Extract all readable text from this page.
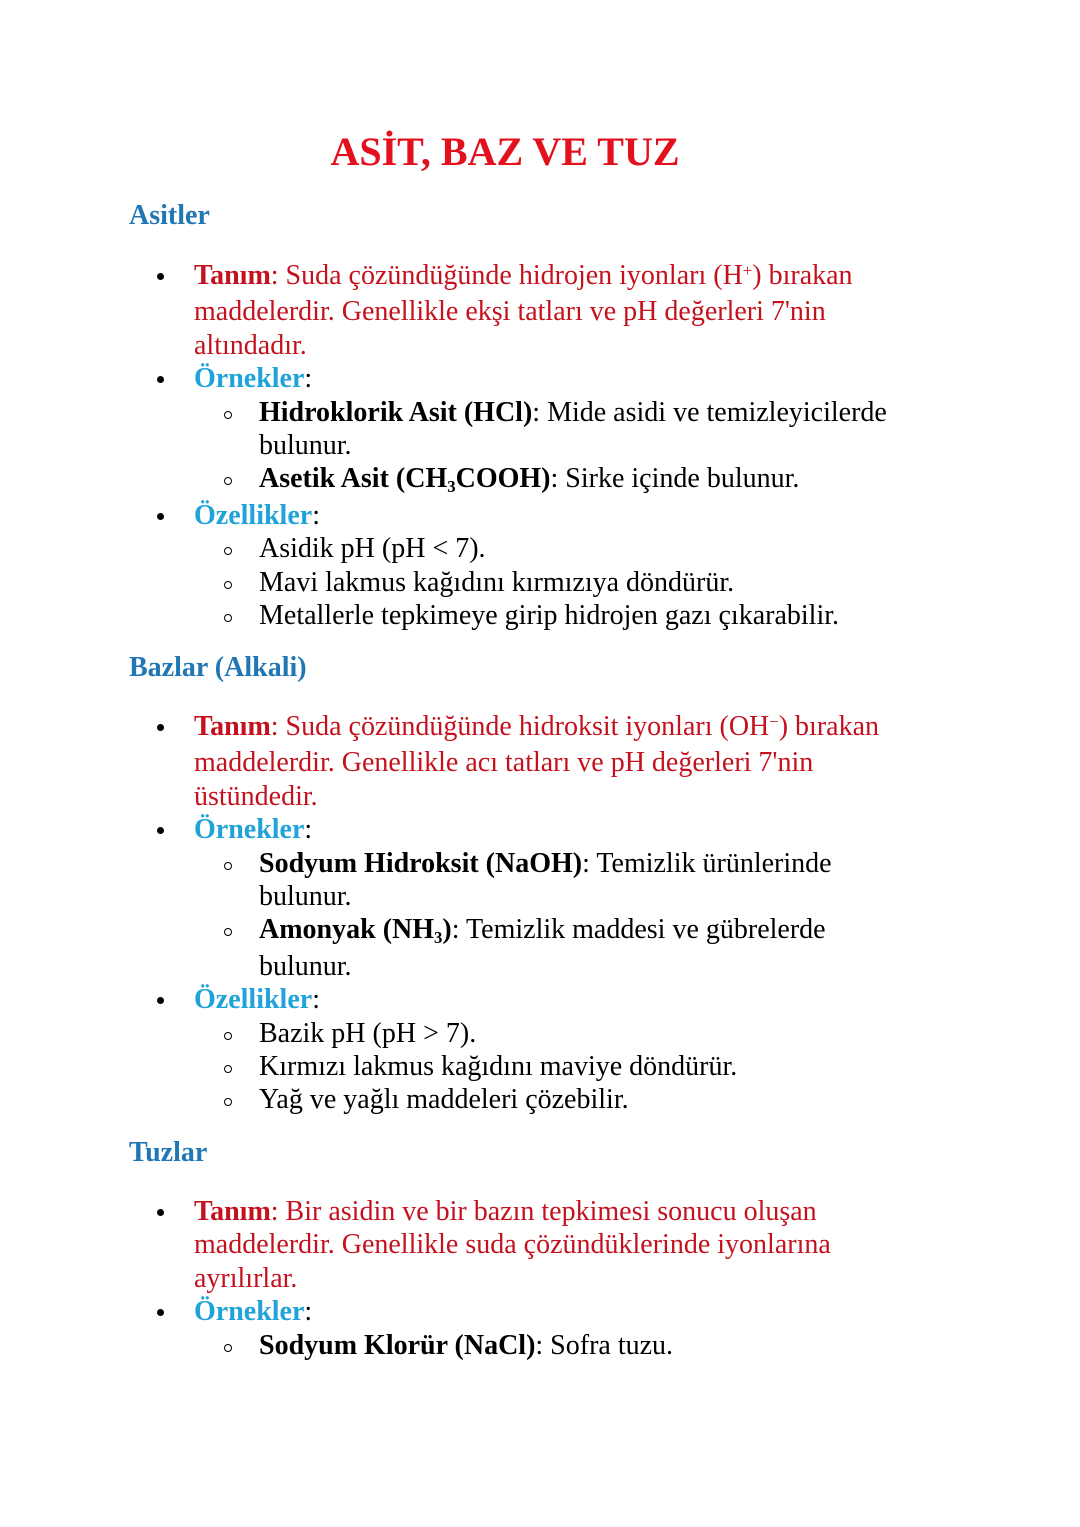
ASİT, BAZ VE TUZ
Asitler
Tanım: Suda çözündüğünde hidrojen iyonları (H+) bırakan maddelerdir. Genellikle ekşi tatları ve pH değerleri 7'nin altındadır.
Örnekler:
Hidroklorik Asit (HCl): Mide asidi ve temizleyicilerde bulunur.
Asetik Asit $(CH_3COOH)$: Sirke içinde bulunur.
Özellikler:
Asidik pH (pH < 7).
Mavi lakmus kağıdını kırmızıya döndürür.
Metallerle tepkimeye girip hidrojen gazı çıkarabilir.
Bazlar (Alkali)
Tanım: Suda çözündüğünde hidroksit iyonları (OH−) bırakan maddelerdir. Genellikle acı tatları ve pH değerleri 7'nin üstündedir.
Örnekler:
Sodyum Hidroksit (NaOH): Temizlik ürünlerinde bulunur.
Amonyak $(NH_3)$: Temizlik maddesi ve gübrelerde bulunur.
Özellikler:
Bazik pH (pH > 7).
Kırmızı lakmus kağıdını maviye döndürür.
Yağ ve yağlı maddeleri çözebilir.
Tuzlar
Tanım: Bir asidin ve bir bazın tepkimesi sonucu oluşan maddelerdir. Genellikle suda çözündüklerinde iyonlarına ayrılırlar.
Örnekler:
Sodyum Klorür (NaCl): Sofra tuzu.
